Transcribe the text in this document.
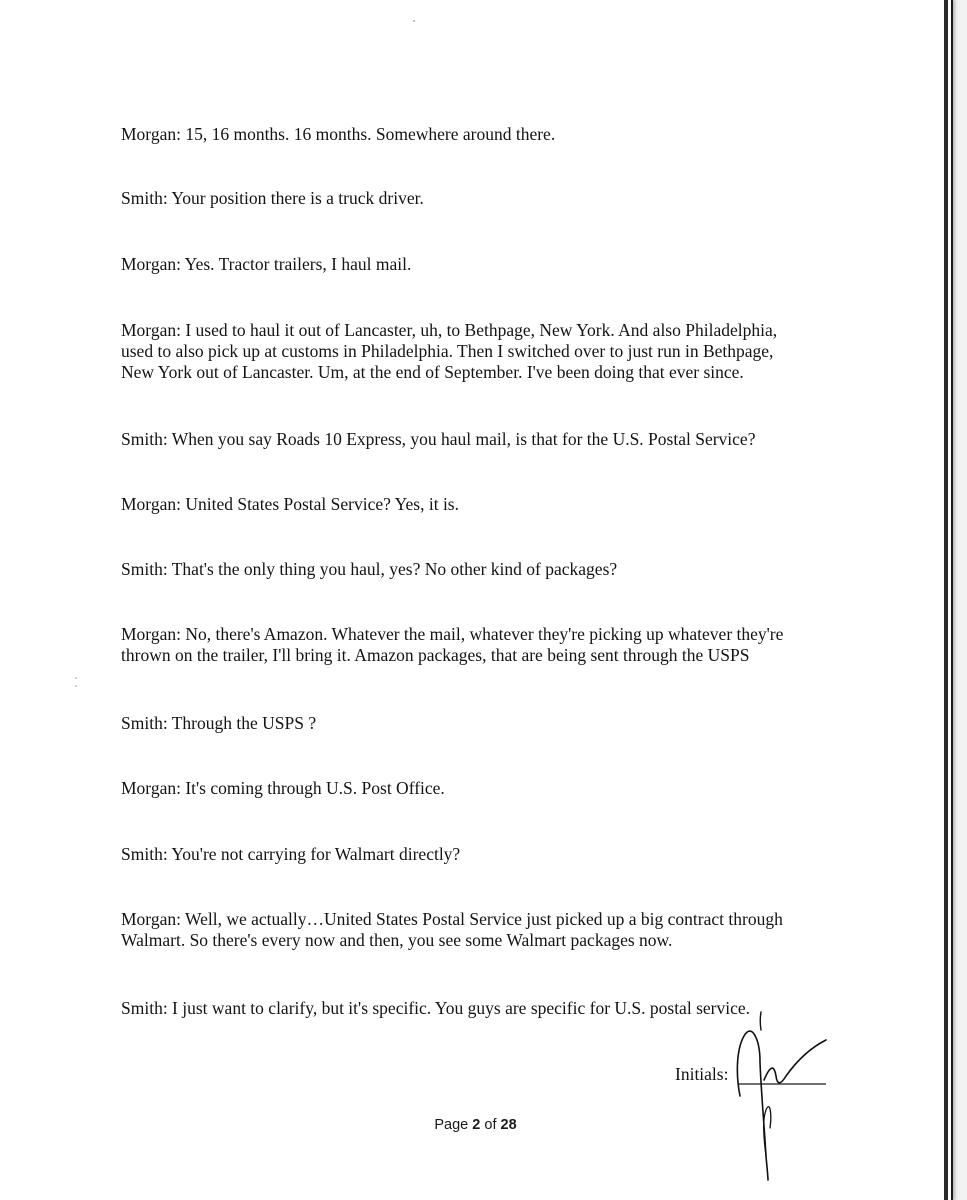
Morgan: 15, 16 months. 16 months. Somewhere around there.

Smith: Your position there is a truck driver.

Morgan: Yes. Tractor trailers, I haul mail.

Morgan: I used to haul it out of Lancaster, uh, to Bethpage, New York. And also Philadelphia,

used to also pick up at customs in Philadelphia. Then I switched over to just run in Bethpage,

New York out of Lancaster. Um, at the end of September. I've been doing that ever since.

Smith: When you say Roads 10 Express, you haul mail, is that for the U.S. Postal Service?

Morgan: United States Postal Service? Yes, it is.

Smith: That's the only thing you haul, yes? No other kind of packages?

Morgan: No, there's Amazon. Whatever the mail, whatever they're picking up whatever they're

thrown on the trailer, I'll bring it. Amazon packages, that are being sent through the USPS

Smith: Through the USPS ?

Morgan: It's coming through U.S. Post Office.

Smith: You're not carrying for Walmart directly?

Morgan: Well, we actually…United States Postal Service just picked up a big contract through

Walmart. So there's every now and then, you see some Walmart packages now.

Smith: I just want to clarify, but it's specific. You guys are specific for U.S. postal service.

Initials:
Page 2 of 28
